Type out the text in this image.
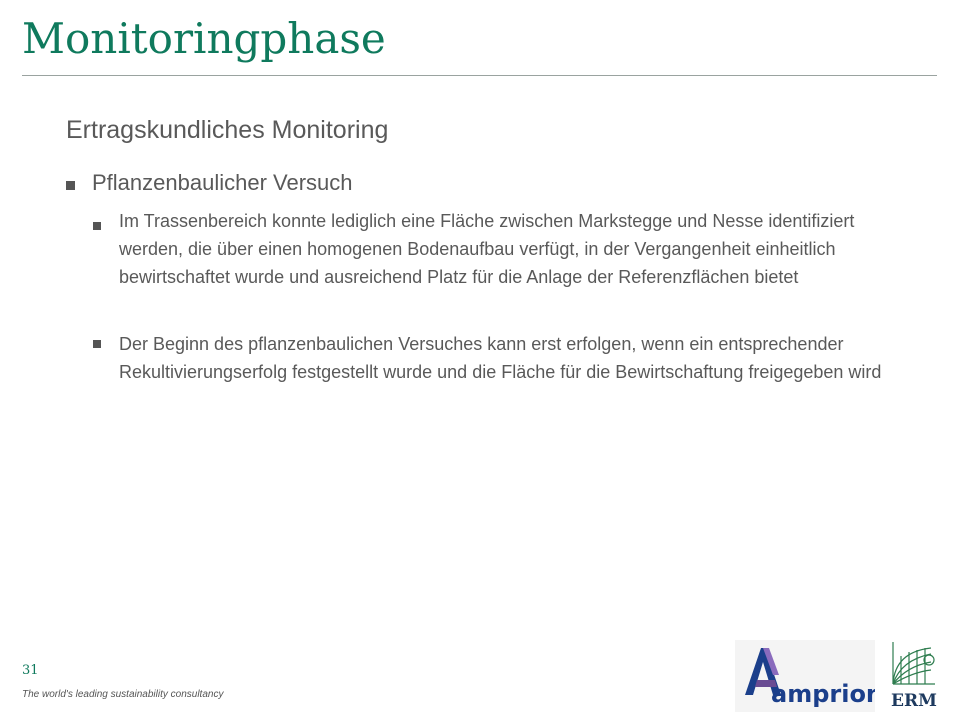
Monitoringphase
Ertragskundliches Monitoring
Pflanzenbaulicher Versuch
Im Trassenbereich konnte lediglich eine Fläche zwischen Markstegge und Nesse identifiziert werden, die über einen homogenen Bodenaufbau verfügt, in der Vergangenheit einheitlich bewirtschaftet wurde und ausreichend Platz für die Anlage der Referenzflächen bietet
Der Beginn des pflanzenbaulichen Versuches kann erst erfolgen, wenn ein entsprechender Rekultivierungserfolg festgestellt wurde und die Fläche für die Bewirtschaftung freigegeben wird
31
The world's leading sustainability consultancy	amprion ERM
